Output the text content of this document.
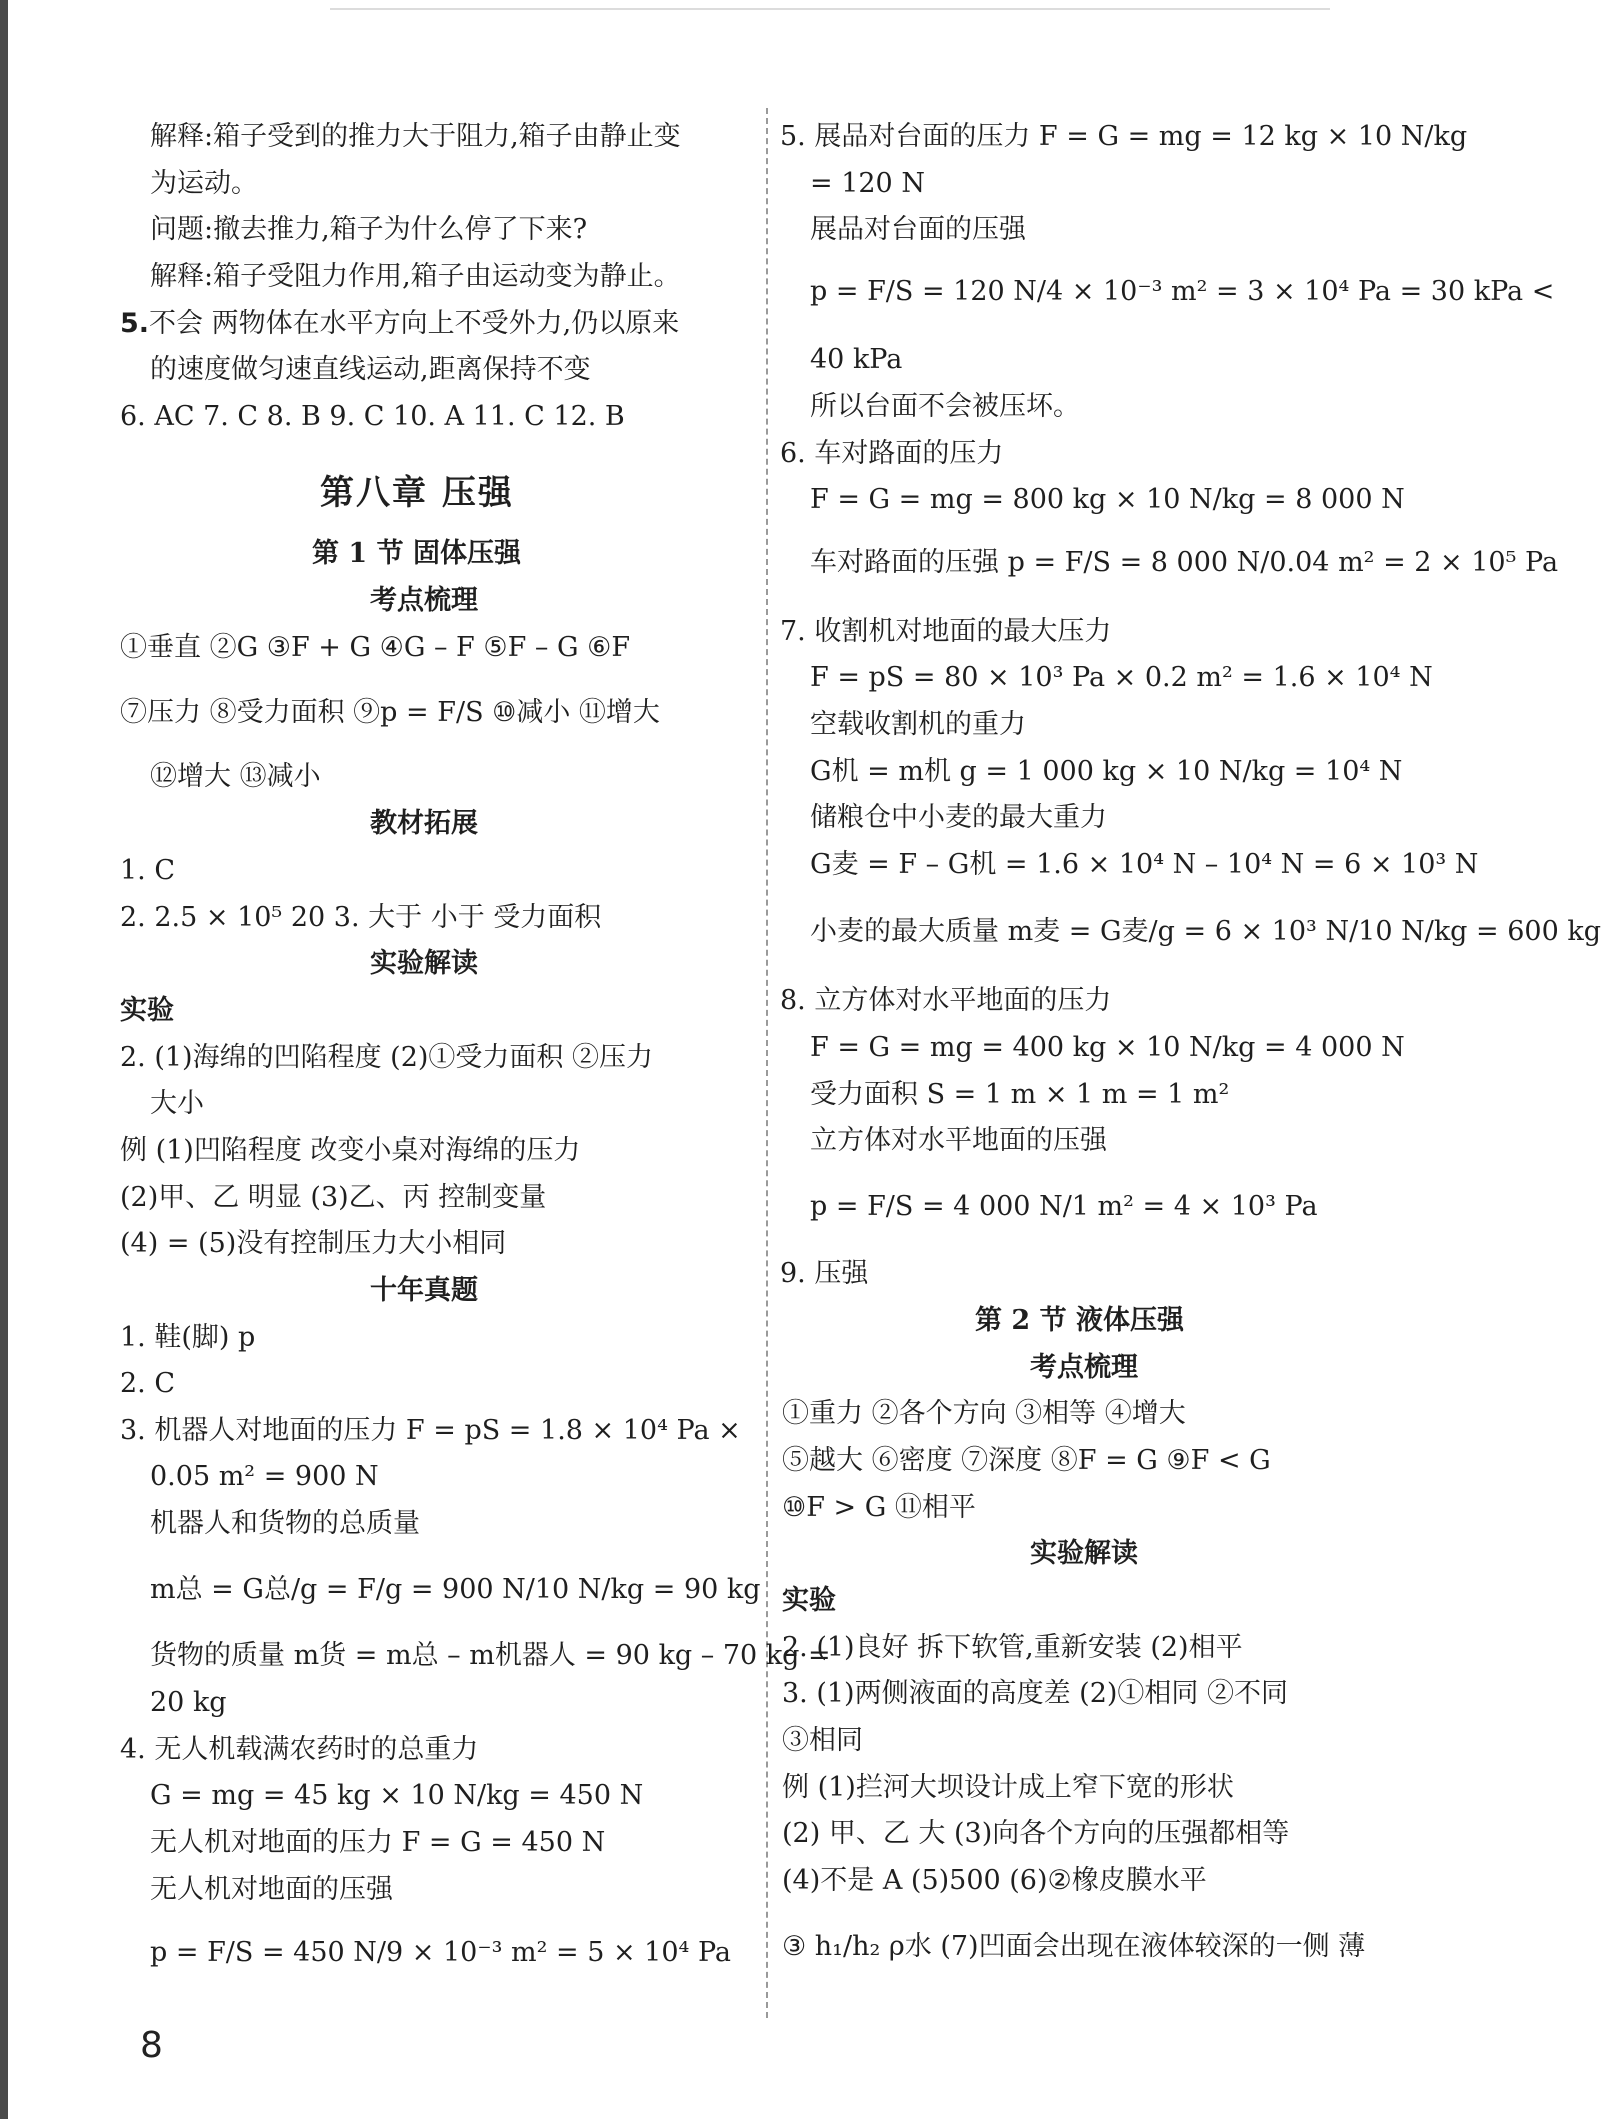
解释:箱子受到的推力大于阻力,箱子由静止变
为运动。
问题:撤去推力,箱子为什么停了下来?
解释:箱子受阻力作用,箱子由运动变为静止。
5.不会 两物体在水平方向上不受外力,仍以原来
的速度做匀速直线运动,距离保持不变
6. AC 7. C 8. B 9. C 10. A 11. C 12. B
第八章 压强
第 1 节 固体压强
考点梳理
①垂直 ②G ③F + G ④G – F ⑤F – G ⑥F
⑦压力 ⑧受力面积 ⑨p = F/S ⑩减小 ⑪增大
⑫增大 ⑬减小
教材拓展
1. C
2. 2.5 × 10⁵ 20 3. 大于 小于 受力面积
实验解读
实验
2. (1)海绵的凹陷程度 (2)①受力面积 ②压力
大小
例 (1)凹陷程度 改变小桌对海绵的压力
(2)甲、乙 明显 (3)乙、丙 控制变量
(4) = (5)没有控制压力大小相同
十年真题
1. 鞋(脚) p
2. C
3. 机器人对地面的压力 F = pS = 1.8 × 10⁴ Pa ×
0.05 m² = 900 N
机器人和货物的总质量
m总 = G总/g = F/g = 900 N/10 N/kg = 90 kg
货物的质量 m货 = m总 – m机器人 = 90 kg – 70 kg =
20 kg
4. 无人机载满农药时的总重力
G = mg = 45 kg × 10 N/kg = 450 N
无人机对地面的压力 F = G = 450 N
无人机对地面的压强
p = F/S = 450 N/9 × 10⁻³ m² = 5 × 10⁴ Pa
5. 展品对台面的压力 F = G = mg = 12 kg × 10 N/kg
= 120 N
展品对台面的压强
p = F/S = 120 N/4 × 10⁻³ m² = 3 × 10⁴ Pa = 30 kPa <
40 kPa
所以台面不会被压坏。
6. 车对路面的压力
F = G = mg = 800 kg × 10 N/kg = 8 000 N
车对路面的压强 p = F/S = 8 000 N/0.04 m² = 2 × 10⁵ Pa
7. 收割机对地面的最大压力
F = pS = 80 × 10³ Pa × 0.2 m² = 1.6 × 10⁴ N
空载收割机的重力
G机 = m机 g = 1 000 kg × 10 N/kg = 10⁴ N
储粮仓中小麦的最大重力
G麦 = F – G机 = 1.6 × 10⁴ N – 10⁴ N = 6 × 10³ N
小麦的最大质量 m麦 = G麦/g = 6 × 10³ N/10 N/kg = 600 kg
8. 立方体对水平地面的压力
F = G = mg = 400 kg × 10 N/kg = 4 000 N
受力面积 S = 1 m × 1 m = 1 m²
立方体对水平地面的压强
p = F/S = 4 000 N/1 m² = 4 × 10³ Pa
9. 压强
第 2 节 液体压强
考点梳理
①重力 ②各个方向 ③相等 ④增大
⑤越大 ⑥密度 ⑦深度 ⑧F = G ⑨F < G
⑩F > G ⑪相平
实验解读
实验
2. (1)良好 拆下软管,重新安装 (2)相平
3. (1)两侧液面的高度差 (2)①相同 ②不同
③相同
例 (1)拦河大坝设计成上窄下宽的形状
(2) 甲、乙 大 (3)向各个方向的压强都相等
(4)不是 A (5)500 (6)②橡皮膜水平
③ h₁/h₂ ρ水 (7)凹面会出现在液体较深的一侧 薄
8
